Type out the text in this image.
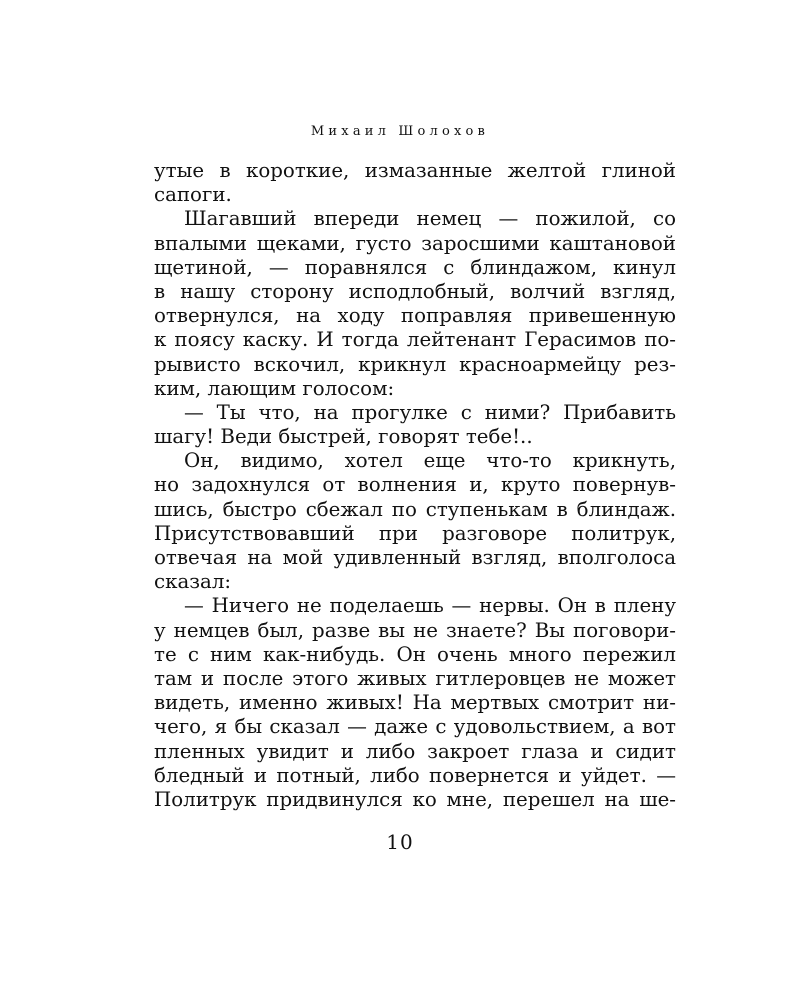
Михаил Шолохов

утые в короткие, измазанные желтой глиной
сапоги.
Шагавший впереди немец — пожилой, со
впалыми щеками, густо заросшими каштановой
щетиной, — поравнялся с блиндажом, кинул
в нашу сторону исподлобный, волчий взгляд,
отвернулся, на ходу поправляя привешенную
к поясу каску. И тогда лейтенант Герасимов по-
рывисто вскочил, крикнул красноармейцу рез-
ким, лающим голосом:
— Ты что, на прогулке с ними? Прибавить
шагу! Веди быстрей, говорят тебе!..
Он, видимо, хотел еще что-то крикнуть,
но задохнулся от волнения и, круто повернув-
шись, быстро сбежал по ступенькам в блиндаж.
Присутствовавший при разговоре политрук,
отвечая на мой удивленный взгляд, вполголоса
сказал:
— Ничего не поделаешь — нервы. Он в плену
у немцев был, разве вы не знаете? Вы поговори-
те с ним как-нибудь. Он очень много пережил
там и после этого живых гитлеровцев не может
видеть, именно живых! На мертвых смотрит ни-
чего, я бы сказал — даже с удовольствием, а вот
пленных увидит и либо закроет глаза и сидит
бледный и потный, либо повернется и уйдет. —
Политрук придвинулся ко мне, перешел на ше-

10
